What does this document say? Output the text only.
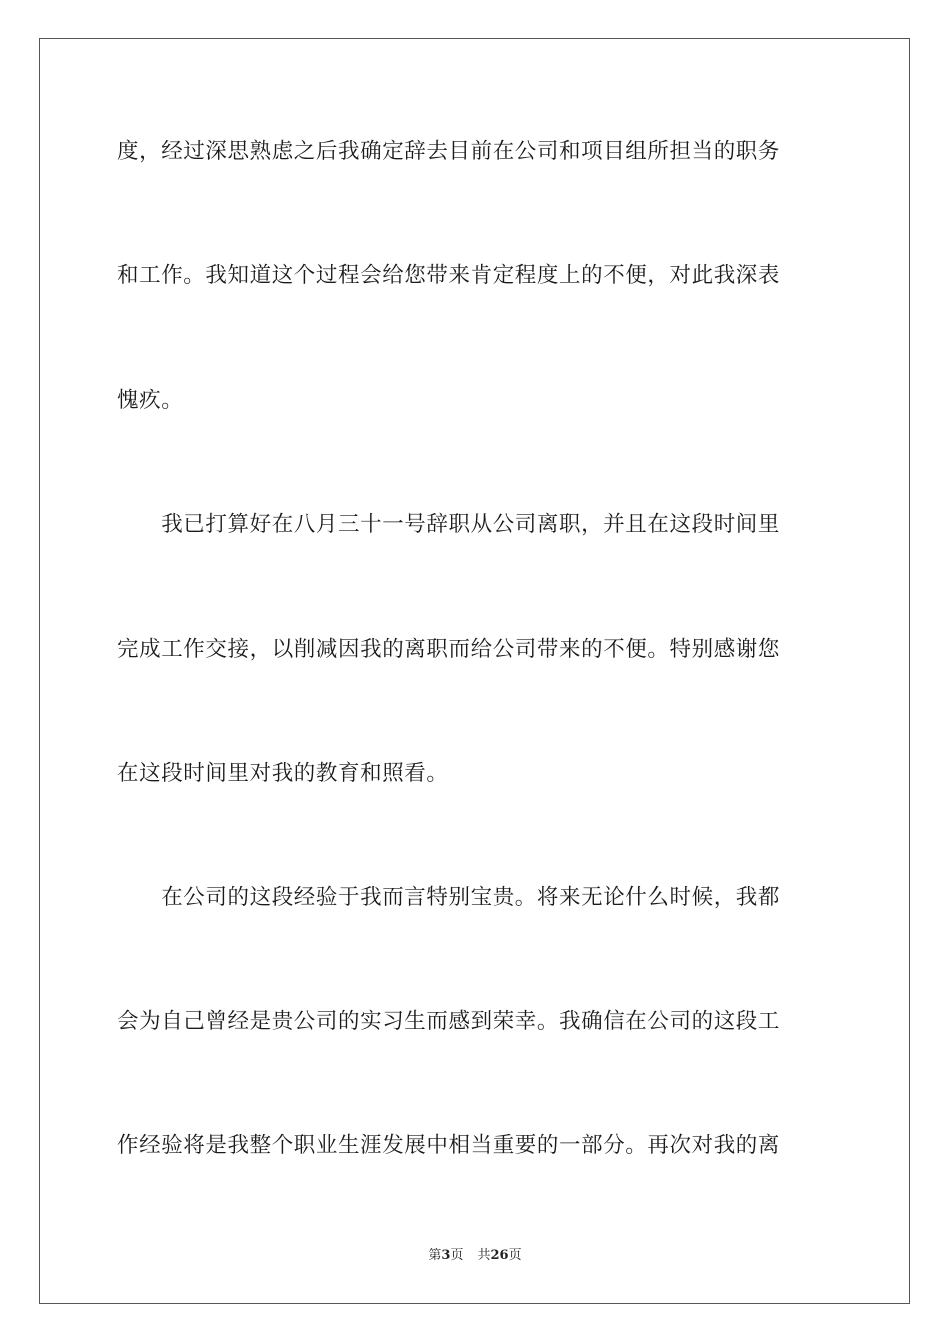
度，经过深思熟虑之后我确定辞去目前在公司和项目组所担当的职务
和工作。我知道这个过程会给您带来肯定程度上的不便，对此我深表
愧疚。
　　我已打算好在八月三十一号辞职从公司离职，并且在这段时间里
完成工作交接，以削减因我的离职而给公司带来的不便。特别感谢您
在这段时间里对我的教育和照看。
　　在公司的这段经验于我而言特别宝贵。将来无论什么时候，我都
会为自己曾经是贵公司的实习生而感到荣幸。我确信在公司的这段工
作经验将是我整个职业生涯发展中相当重要的一部分。再次对我的离
第3页 共26页
